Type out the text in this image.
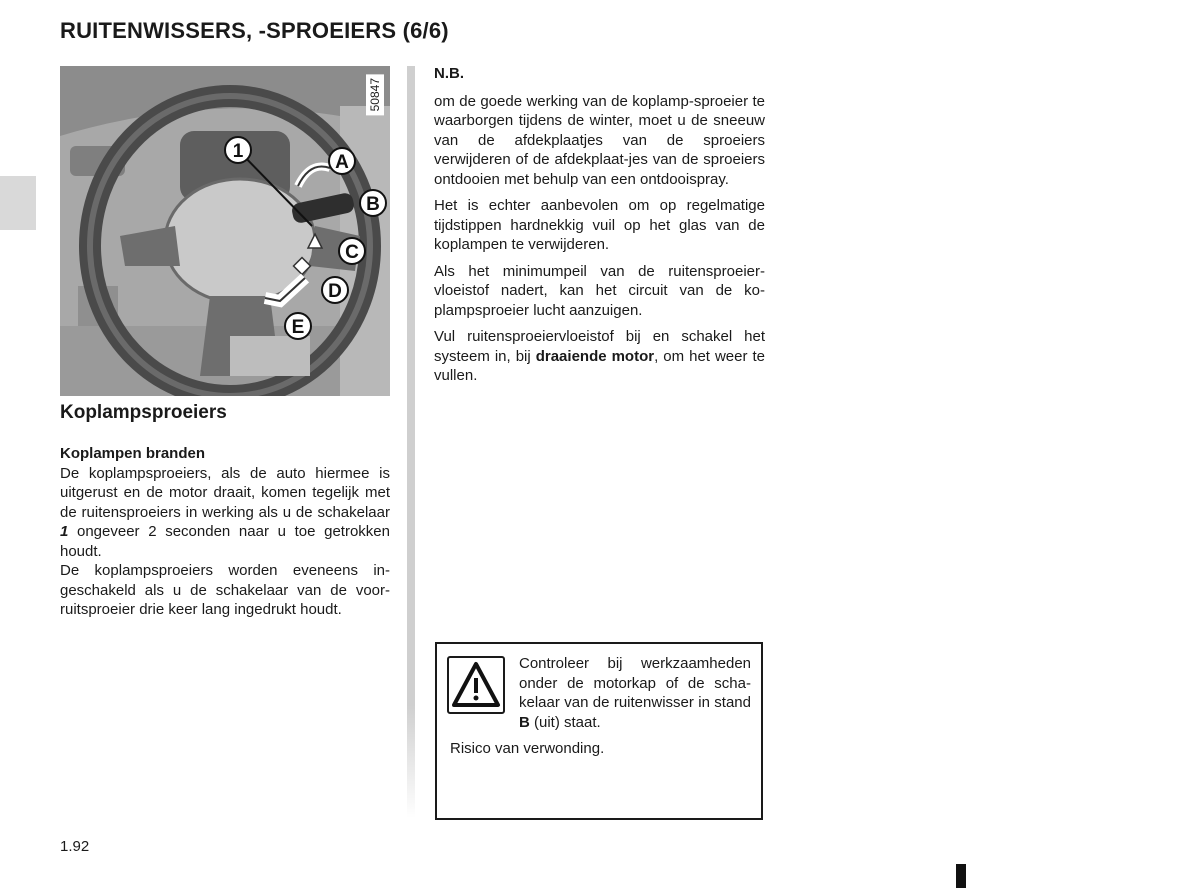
RUITENWISSERS, -SPROEIERS (6/6)
1
A
B
C
D
E
50847
Koplampsproeiers
Koplampen branden

De koplampsproeiers, als de auto hiermee is uitgerust en de motor draait, komen tegelijk met de ruitensproeiers in werking als u de schakelaar 1 ongeveer 2 seconden naar u toe getrokken houdt.

De koplampsproeiers worden eveneens in-geschakeld als u de schakelaar van de voor-ruitsproeier drie keer lang ingedrukt houdt.

N.B.

om de goede werking van de koplamp-sproeier te waarborgen tijdens de winter, moet u de sneeuw van de afdekplaatjes van de sproeiers verwijderen of de afdekplaat-jes van de sproeiers ontdooien met behulp van een ontdooispray.

Het is echter aanbevolen om op regelmatige tijdstippen hardnekkig vuil op het glas van de koplampen te verwijderen.

Als het minimumpeil van de ruitensproeier-vloeistof nadert, kan het circuit van de ko-plampsproeier lucht aanzuigen.

Vul ruitensproeiervloeistof bij en schakel het systeem in, bij draaiende motor, om het weer te vullen.

Controleer bij werkzaamheden onder de motorkap of de scha-kelaar van de ruitenwisser in stand B (uit) staat.
Risico van verwonding.
1.92
